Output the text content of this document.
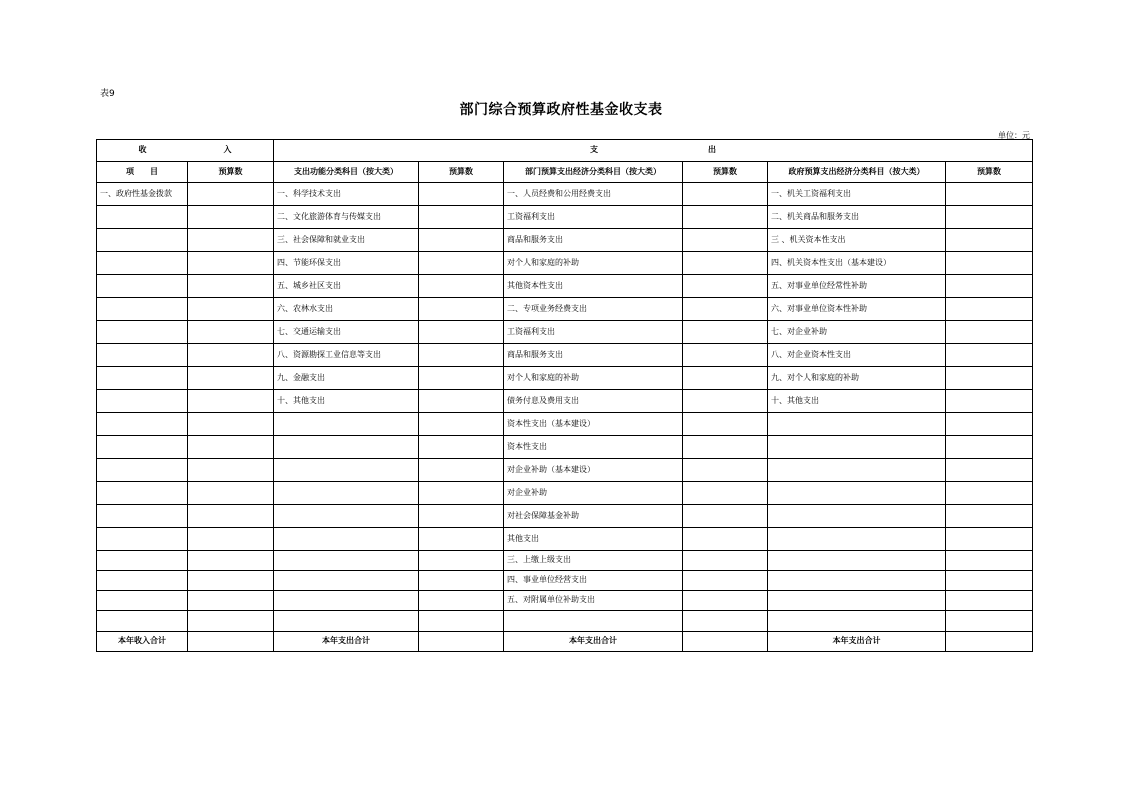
表9
部门综合预算政府性基金收支表
单位：元
收 入		支 出					

项　　目	预算数	支出功能分类科目（按大类）	预算数	部门预算支出经济分类科目（按大类）	预算数	政府预算支出经济分类科目（按大类）	预算数
一、政府性基金拨款		一、科学技术支出		一、人员经费和公用经费支出		一、机关工资福利支出	
		二、文化旅游体育与传媒支出		工资福利支出		二、机关商品和服务支出	
		三、社会保障和就业支出		商品和服务支出		三 、机关资本性支出	
		四、节能环保支出		对个人和家庭的补助		四、机关资本性支出（基本建设）	
		五、城乡社区支出		其他资本性支出		五、对事业单位经常性补助	
		六、农林水支出		二、专项业务经费支出		六、对事业单位资本性补助	
		七、交通运输支出		工资福利支出		七、对企业补助	
		八、资源勘探工业信息等支出		商品和服务支出		八、对企业资本性支出	
		九、金融支出		对个人和家庭的补助		九、对个人和家庭的补助	
		十、其他支出		债务付息及费用支出		十、其他支出	
				资本性支出（基本建设）			
				资本性支出			
				对企业补助（基本建设）			
				对企业补助			
				对社会保障基金补助			
				其他支出			
				三、上缴上级支出			
				四、事业单位经营支出			
				五、对附属单位补助支出			

本年收入合计		本年支出合计		本年支出合计		本年支出合计	
